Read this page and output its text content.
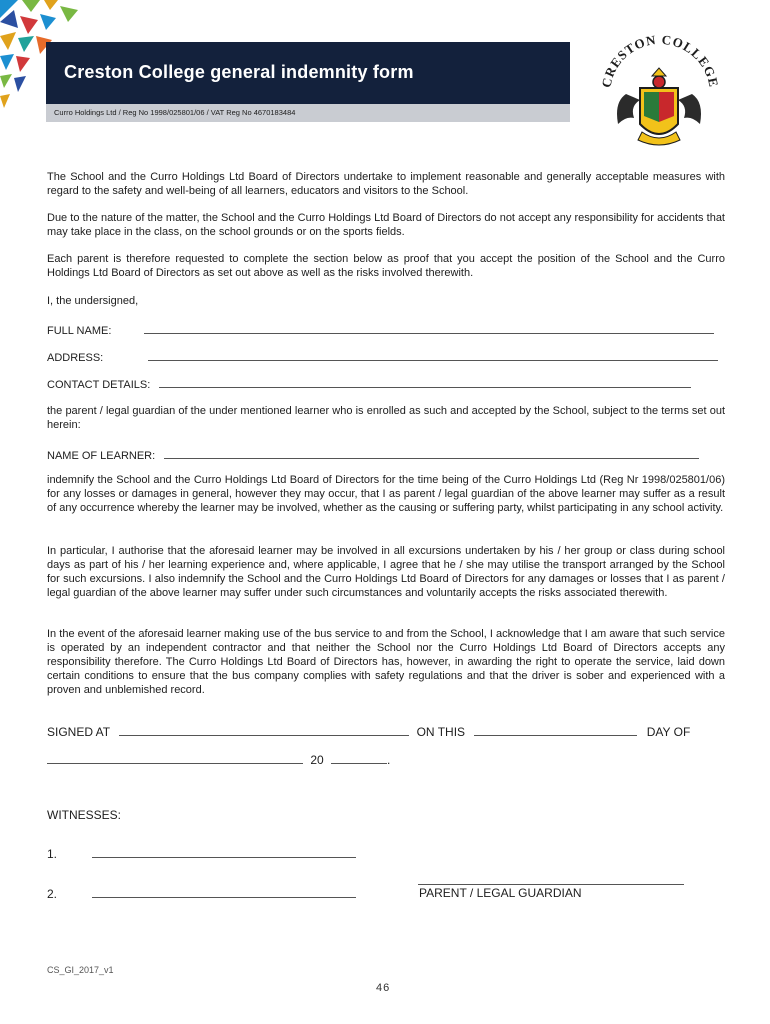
Creston College general indemnity form
Curro Holdings Ltd / Reg No 1998/025801/06 / VAT Reg No 4670183484
CRESTON COLLEGE

The School and the Curro Holdings Ltd Board of Directors undertake to implement reasonable and generally acceptable measures with regard to the safety and well-being of all learners, educators and visitors to the School.

Due to the nature of the matter, the School and the Curro Holdings Ltd Board of Directors do not accept any responsibility for accidents that may take place in the class, on the school grounds or on the sports fields.

Each parent is therefore requested to complete the section below as proof that you accept the position of the School and the Curro Holdings Ltd Board of Directors as set out above as well as the risks involved therewith.

I, the undersigned,

FULL NAME:
ADDRESS:
CONTACT DETAILS:

the parent / legal guardian of the under mentioned learner who is enrolled as such and accepted by the School, subject to the terms set out herein:

NAME OF LEARNER:

indemnify the School and the Curro Holdings Ltd Board of Directors for the time being of the Curro Holdings Ltd (Reg Nr 1998/025801/06) for any losses or damages in general, however they may occur, that I as parent / legal guardian of the above learner may suffer as a result of any occurrence whereby the learner may be involved, whether as the causing or suffering party, whilst participating in any school activity.

In particular, I authorise that the aforesaid learner may be involved in all excursions undertaken by his / her group or class during school days as part of his / her learning experience and, where applicable, I agree that he / she may utilise the transport arranged by the School for such excursions. I also indemnify the School and the Curro Holdings Ltd Board of Directors for any damages or losses that I as parent / legal guardian of the above learner may suffer under such circumstances and voluntarily accepts the risks associated therewith.

In the event of the aforesaid learner making use of the bus service to and from the School, I acknowledge that I am aware that such service is operated by an independent contractor and that neither the School nor the Curro Holdings Ltd Board of Directors accepts any responsibility therefore. The Curro Holdings Ltd Board of Directors has, however, in awarding the right to operate the service, laid down certain conditions to ensure that the bus company complies with safety regulations and that the driver is sober and experienced with a proven and unblemished record.

SIGNED AT	ON THIS	DAY OF
20	.
WITNESSES:
1.
2.	PARENT / LEGAL GUARDIAN
CS_GI_2017_v1
46
